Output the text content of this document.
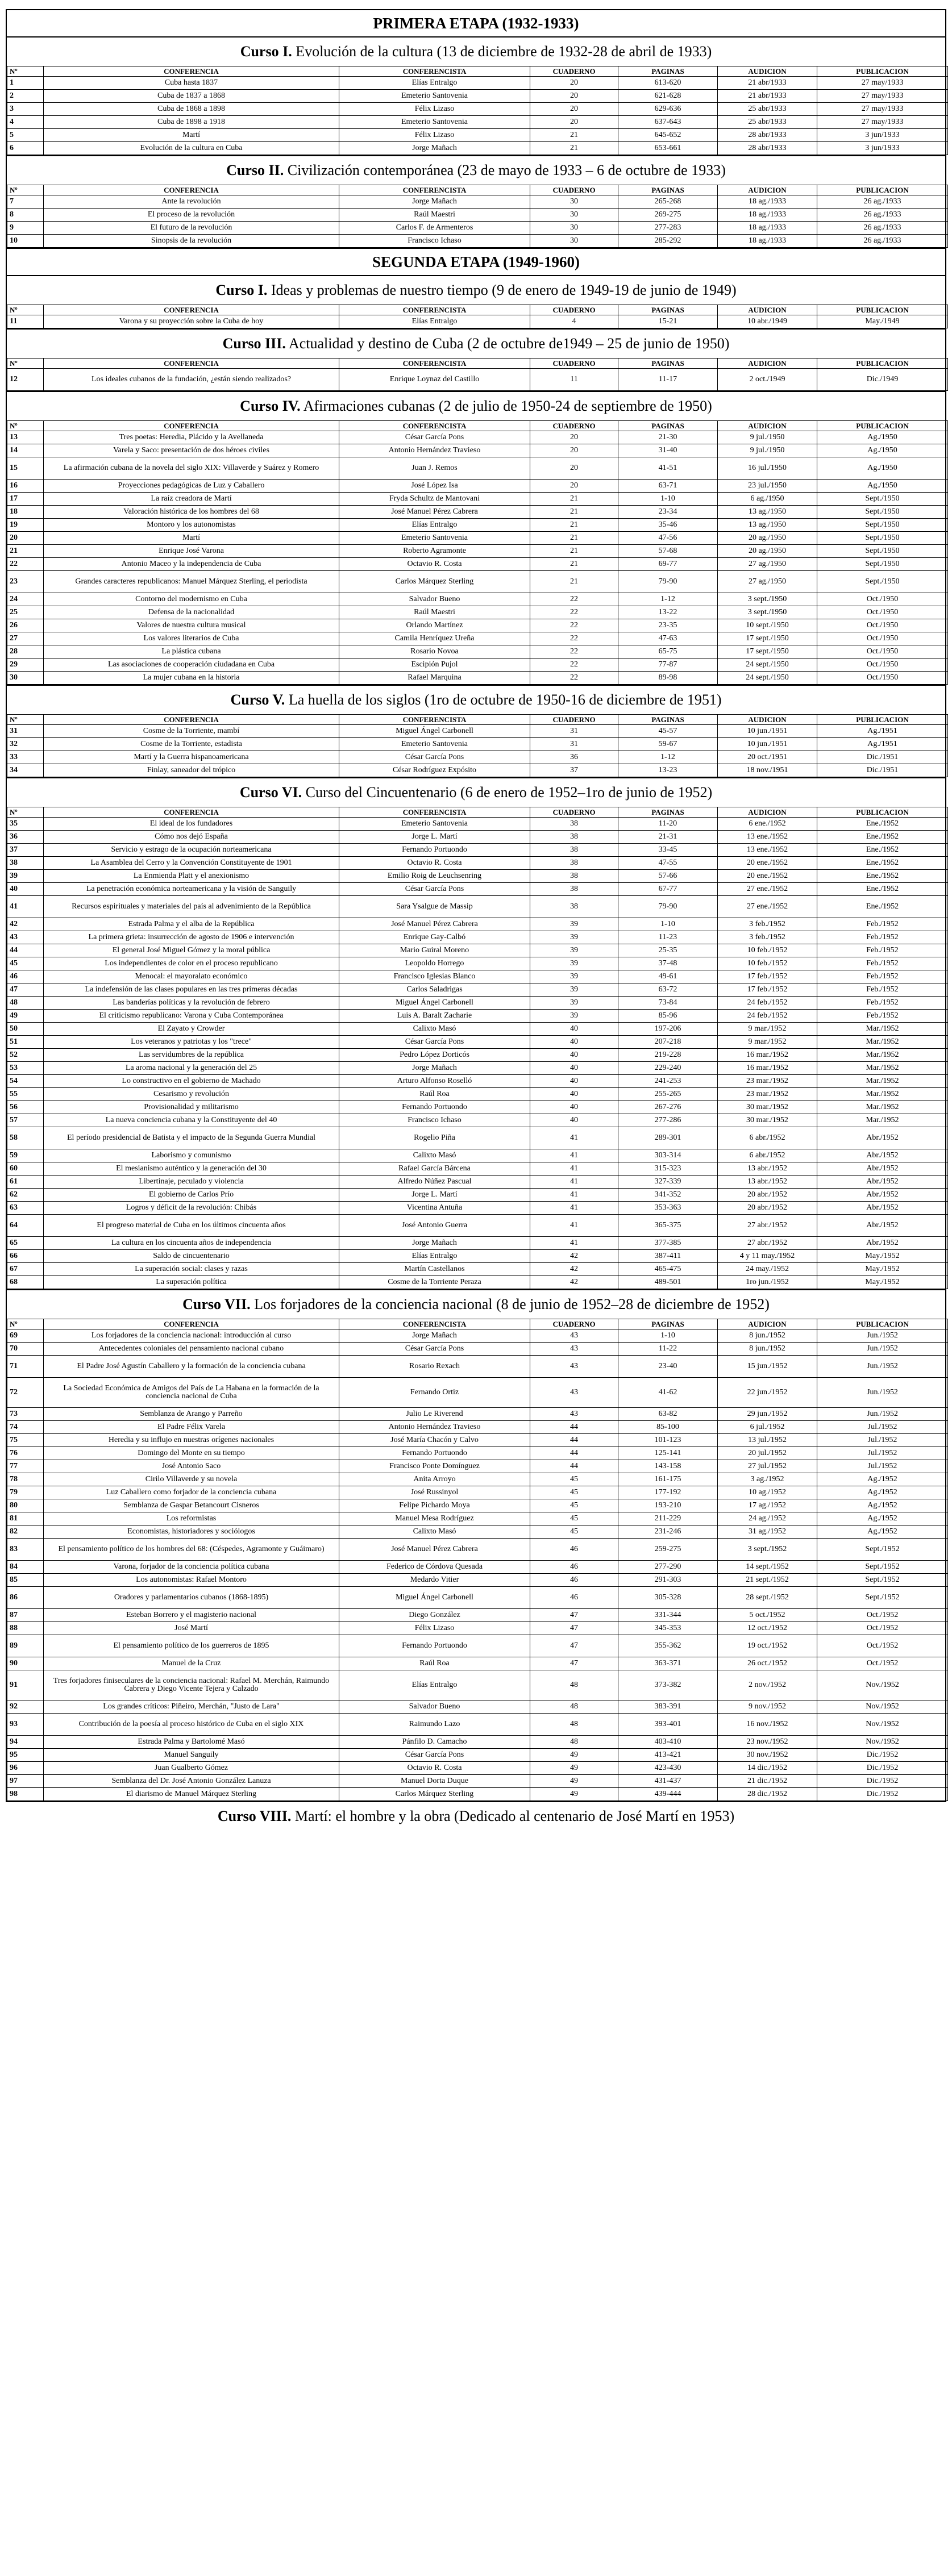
PRIMERA ETAPA (1932-1933)
Curso I. Evolución de la cultura (13 de diciembre de 1932-28 de abril de 1933)
Nº	CONFERENCIA	CONFERENCISTA	CUADERNO	PAGINAS	AUDICION	PUBLICACION
1	Cuba hasta 1837	Elías Entralgo	20	613-620	21 abr/1933	27 may/1933
2	Cuba de 1837 a 1868	Emeterio Santovenia	20	621-628	21 abr/1933	27 may/1933
3	Cuba de 1868 a 1898	Félix Lizaso	20	629-636	25 abr/1933	27 may/1933
4	Cuba de 1898 a 1918	Emeterio Santovenia	20	637-643	25 abr/1933	27 may/1933
5	Martí	Félix Lizaso	21	645-652	28 abr/1933	3 jun/1933
6	Evolución de la cultura en Cuba	Jorge Mañach	21	653-661	28 abr/1933	3 jun/1933
Curso II. Civilización contemporánea (23 de mayo de 1933 – 6 de octubre de 1933)
Nº	CONFERENCIA	CONFERENCISTA	CUADERNO	PAGINAS	AUDICION	PUBLICACION
7	Ante la revolución	Jorge Mañach	30	265-268	18 ag./1933	26 ag./1933
8	El proceso de la revolución	Raúl Maestri	30	269-275	18 ag./1933	26 ag./1933
9	El futuro de la revolución	Carlos F. de Armenteros	30	277-283	18 ag./1933	26 ag./1933
10	Sinopsis de la revolución	Francisco Ichaso	30	285-292	18 ag./1933	26 ag./1933
SEGUNDA ETAPA (1949-1960)
Curso I. Ideas y problemas de nuestro tiempo (9 de enero de 1949-19 de junio de 1949)
Nº	CONFERENCIA	CONFERENCISTA	CUADERNO	PAGINAS	AUDICION	PUBLICACION
11	Varona y su proyección sobre la Cuba de hoy	Elías Entralgo	4	15-21	10 abr./1949	May./1949
Curso III. Actualidad y destino de Cuba (2 de octubre de1949 – 25 de junio de 1950)
Nº	CONFERENCIA	CONFERENCISTA	CUADERNO	PAGINAS	AUDICION	PUBLICACION
12	Los ideales cubanos de la fundación, ¿están siendo realizados?	Enrique Loynaz del Castillo	11	11-17	2 oct./1949	Dic./1949
Curso IV. Afirmaciones cubanas (2 de julio de 1950-24 de septiembre de 1950)
Nº	CONFERENCIA	CONFERENCISTA	CUADERNO	PAGINAS	AUDICION	PUBLICACION
13	Tres poetas: Heredia, Plácido y la Avellaneda	César García Pons	20	21-30	9 jul./1950	Ag./1950
14	Varela y Saco: presentación de dos héroes civiles	Antonio Hernández Travieso	20	31-40	9 jul./1950	Ag./1950
15	La afirmación cubana de la novela del siglo XIX: Villaverde y Suárez y Romero	Juan J. Remos	20	41-51	16 jul./1950	Ag./1950
16	Proyecciones pedagógicas de Luz y Caballero	José López Isa	20	63-71	23 jul./1950	Ag./1950
17	La raíz creadora de Martí	Fryda Schultz de Mantovani	21	1-10	6 ag./1950	Sept./1950
18	Valoración histórica de los hombres del 68	José Manuel Pérez Cabrera	21	23-34	13 ag./1950	Sept./1950
19	Montoro y los autonomistas	Elías Entralgo	21	35-46	13 ag./1950	Sept./1950
20	Martí	Emeterio Santovenia	21	47-56	20 ag./1950	Sept./1950
21	Enrique José Varona	Roberto Agramonte	21	57-68	20 ag./1950	Sept./1950
22	Antonio Maceo y la independencia de Cuba	Octavio R. Costa	21	69-77	27 ag./1950	Sept./1950
23	Grandes caracteres republicanos: Manuel Márquez Sterling, el periodista	Carlos Márquez Sterling	21	79-90	27 ag./1950	Sept./1950
24	Contorno del modernismo en Cuba	Salvador Bueno	22	1-12	3 sept./1950	Oct./1950
25	Defensa de la nacionalidad	Raúl Maestri	22	13-22	3 sept./1950	Oct./1950
26	Valores de nuestra cultura musical	Orlando Martínez	22	23-35	10 sept./1950	Oct./1950
27	Los valores literarios de Cuba	Camila Henríquez Ureña	22	47-63	17 sept./1950	Oct./1950
28	La plástica cubana	Rosario Novoa	22	65-75	17 sept./1950	Oct./1950
29	Las asociaciones de cooperación ciudadana en Cuba	Escipión Pujol	22	77-87	24 sept./1950	Oct./1950
30	La mujer cubana en la historia	Rafael Marquina	22	89-98	24 sept./1950	Oct./1950
Curso V. La huella de los siglos (1ro de octubre de 1950-16 de diciembre de 1951)
Nº	CONFERENCIA	CONFERENCISTA	CUADERNO	PAGINAS	AUDICION	PUBLICACION
31	Cosme de la Torriente, mambí	Miguel Ángel Carbonell	31	45-57	10 jun./1951	Ag./1951
32	Cosme de la Torriente, estadista	Emeterio Santovenia	31	59-67	10 jun./1951	Ag./1951
33	Martí y la Guerra hispanoamericana	César García Pons	36	1-12	20 oct./1951	Dic./1951
34	Finlay, saneador del trópico	César Rodríguez Expósito	37	13-23	18 nov./1951	Dic./1951
Curso VI. Curso del Cincuentenario (6 de enero de 1952–1ro de junio de 1952)
Nº	CONFERENCIA	CONFERENCISTA	CUADERNO	PAGINAS	AUDICION	PUBLICACION
35	El ideal de los fundadores	Emeterio Santovenia	38	11-20	6 ene./1952	Ene./1952
36	Cómo nos dejó España	Jorge L. Martí	38	21-31	13 ene./1952	Ene./1952
37	Servicio y estrago de la ocupación norteamericana	Fernando Portuondo	38	33-45	13 ene./1952	Ene./1952
38	La Asamblea del Cerro y la Convención Constituyente de 1901	Octavio R. Costa	38	47-55	20 ene./1952	Ene./1952
39	La Enmienda Platt y el anexionismo	Emilio Roig de Leuchsenring	38	57-66	20 ene./1952	Ene./1952
40	La penetración económica norteamericana y la visión de Sanguily	César García Pons	38	67-77	27 ene./1952	Ene./1952
41	Recursos espirituales y materiales del país al advenimiento de la República	Sara Ysalgue de Massip	38	79-90	27 ene./1952	Ene./1952
42	Estrada Palma y el alba de la República	José Manuel Pérez Cabrera	39	1-10	3 feb./1952	Feb./1952
43	La primera grieta: insurrección de agosto de 1906 e intervención	Enrique Gay-Calbó	39	11-23	3 feb./1952	Feb./1952
44	El general José Miguel Gómez y la moral pública	Mario Guiral Moreno	39	25-35	10 feb./1952	Feb./1952
45	Los independientes de color en el proceso republicano	Leopoldo Horrego	39	37-48	10 feb./1952	Feb./1952
46	Menocal: el mayoralato económico	Francisco Iglesias Blanco	39	49-61	17 feb./1952	Feb./1952
47	La indefensión de las clases populares en las tres primeras décadas	Carlos Saladrigas	39	63-72	17 feb./1952	Feb./1952
48	Las banderías políticas y la revolución de febrero	Miguel Ángel Carbonell	39	73-84	24 feb./1952	Feb./1952
49	El criticismo republicano: Varona y Cuba Contemporánea	Luis A. Baralt Zacharie	39	85-96	24 feb./1952	Feb./1952
50	El Zayato y Crowder	Calixto Masó	40	197-206	9 mar./1952	Mar./1952
51	Los veteranos y patriotas y los "trece"	César García Pons	40	207-218	9 mar./1952	Mar./1952
52	Las servidumbres de la república	Pedro López Dorticós	40	219-228	16 mar./1952	Mar./1952
53	La aroma nacional y la generación del 25	Jorge Mañach	40	229-240	16 mar./1952	Mar./1952
54	Lo constructivo en el gobierno de Machado	Arturo Alfonso Roselló	40	241-253	23 mar./1952	Mar./1952
55	Cesarismo y revolución	Raúl Roa	40	255-265	23 mar./1952	Mar./1952
56	Provisionalidad y militarismo	Fernando Portuondo	40	267-276	30 mar./1952	Mar./1952
57	La nueva conciencia cubana y la Constituyente del 40	Francisco Ichaso	40	277-286	30 mar./1952	Mar./1952
58	El período presidencial de Batista y el impacto de la Segunda Guerra Mundial	Rogelio Piña	41	289-301	6 abr./1952	Abr./1952
59	Laborismo y comunismo	Calixto Masó	41	303-314	6 abr./1952	Abr./1952
60	El mesianismo auténtico y la generación del 30	Rafael García Bárcena	41	315-323	13 abr./1952	Abr./1952
61	Libertinaje, peculado y violencia	Alfredo Núñez Pascual	41	327-339	13 abr./1952	Abr./1952
62	El gobierno de Carlos Prío	Jorge L. Martí	41	341-352	20 abr./1952	Abr./1952
63	Logros y déficit de la revolución: Chibás	Vicentina Antuña	41	353-363	20 abr./1952	Abr./1952
64	El progreso material de Cuba en los últimos cincuenta años	José Antonio Guerra	41	365-375	27 abr./1952	Abr./1952
65	La cultura en los cincuenta años de independencia	Jorge Mañach	41	377-385	27 abr./1952	Abr./1952
66	Saldo de cincuentenario	Elías Entralgo	42	387-411	4 y 11 may./1952	May./1952
67	La superación social: clases y razas	Martín Castellanos	42	465-475	24 may./1952	May./1952
68	La superación política	Cosme de la Torriente Peraza	42	489-501	1ro jun./1952	May./1952
Curso VII. Los forjadores de la conciencia nacional (8 de junio de 1952–28 de diciembre de 1952)
Nº	CONFERENCIA	CONFERENCISTA	CUADERNO	PAGINAS	AUDICION	PUBLICACION
69	Los forjadores de la conciencia nacional: introducción al curso	Jorge Mañach	43	1-10	8 jun./1952	Jun./1952
70	Antecedentes coloniales del pensamiento nacional cubano	César García Pons	43	11-22	8 jun./1952	Jun./1952
71	El Padre José Agustín Caballero y la formación de la conciencia cubana	Rosario Rexach	43	23-40	15 jun./1952	Jun./1952
72	La Sociedad Económica de Amigos del País de La Habana en la formación de la conciencia nacional de Cuba	Fernando Ortiz	43	41-62	22 jun./1952	Jun./1952
73	Semblanza de Arango y Parreño	Julio Le Riverend	43	63-82	29 jun./1952	Jun./1952
74	El Padre Félix Varela	Antonio Hernández Travieso	44	85-100	6 jul./1952	Jul./1952
75	Heredia y su influjo en nuestras orígenes nacionales	José María Chacón y Calvo	44	101-123	13 jul./1952	Jul./1952
76	Domingo del Monte en su tiempo	Fernando Portuondo	44	125-141	20 jul./1952	Jul./1952
77	José Antonio Saco	Francisco Ponte Domínguez	44	143-158	27 jul./1952	Jul./1952
78	Cirilo Villaverde y su novela	Anita Arroyo	45	161-175	3 ag./1952	Ag./1952
79	Luz Caballero como forjador de la conciencia cubana	José Russinyol	45	177-192	10 ag./1952	Ag./1952
80	Semblanza de Gaspar Betancourt Cisneros	Felipe Pichardo Moya	45	193-210	17 ag./1952	Ag./1952
81	Los reformistas	Manuel Mesa Rodríguez	45	211-229	24 ag./1952	Ag./1952
82	Economistas, historiadores y sociólogos	Calixto Masó	45	231-246	31 ag./1952	Ag./1952
83	El pensamiento político de los hombres del 68: (Céspedes, Agramonte y Guáimaro)	José Manuel Pérez Cabrera	46	259-275	3 sept./1952	Sept./1952
84	Varona, forjador de la conciencia política cubana	Federico de Córdova Quesada	46	277-290	14 sept./1952	Sept./1952
85	Los autonomistas: Rafael Montoro	Medardo Vitier	46	291-303	21 sept./1952	Sept./1952
86	Oradores y parlamentarios cubanos (1868-1895)	Miguel Ángel Carbonell	46	305-328	28 sept./1952	Sept./1952
87	Esteban Borrero y el magisterio nacional	Diego González	47	331-344	5 oct./1952	Oct./1952
88	José Martí	Félix Lizaso	47	345-353	12 oct./1952	Oct./1952
89	El pensamiento político de los guerreros de 1895	Fernando Portuondo	47	355-362	19 oct./1952	Oct./1952
90	Manuel de la Cruz	Raúl Roa	47	363-371	26 oct./1952	Oct./1952
91	Tres forjadores finiseculares de la conciencia nacional: Rafael M. Merchán, Raimundo Cabrera y Diego Vicente Tejera y Calzado	Elías Entralgo	48	373-382	2 nov./1952	Nov./1952
92	Los grandes críticos: Piñeiro, Merchán, "Justo de Lara"	Salvador Bueno	48	383-391	9 nov./1952	Nov./1952
93	Contribución de la poesía al proceso histórico de Cuba en el siglo XIX	Raimundo Lazo	48	393-401	16 nov./1952	Nov./1952
94	Estrada Palma y Bartolomé Masó	Pánfilo D. Camacho	48	403-410	23 nov./1952	Nov./1952
95	Manuel Sanguily	César García Pons	49	413-421	30 nov./1952	Dic./1952
96	Juan Gualberto Gómez	Octavio R. Costa	49	423-430	14 dic./1952	Dic./1952
97	Semblanza del Dr. José Antonio González Lanuza	Manuel Dorta Duque	49	431-437	21 dic./1952	Dic./1952
98	El diarismo de Manuel Márquez Sterling	Carlos Márquez Sterling	49	439-444	28 dic./1952	Dic./1952
Curso VIII. Martí: el hombre y la obra (Dedicado al centenario de José Martí en 1953)
